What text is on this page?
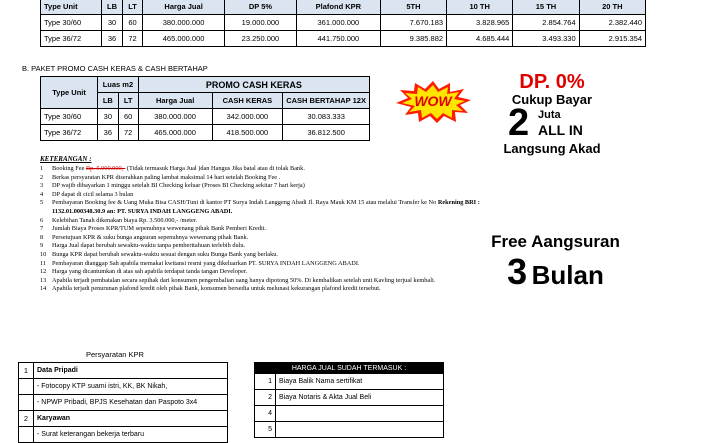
Type Unit	LB	LT	Harga Jual	DP 5%	Plafond KPR	5TH	10 TH	15 TH	20 TH
Type 30/60	30	60	380.000.000	19.000.000	361.000.000	7.670.183	3.828.965	2.854.764	2.382.440
Type 36/72	36	72	465.000.000	23.250.000	441.750.000	9.385.882	4.685.444	3.493.330	2.915.354
B. PAKET PROMO CASH KERAS & CASH BERTAHAP
Type Unit	Luas m2		PROMO CASH KERAS		
	LB	LT	Harga Jual	CASH KERAS	CASH BERTAHAP 12X
Type 30/60	30	60	380.000.000	342.000.000	30.083.333
Type 36/72	36	72	465.000.000	418.500.000	36.812.500
WOW
DP. 0%
Cukup Bayar
2 Juta
ALL IN
Langsung Akad
KETERANGAN :
1	Booking Fee Rp. 5.000.000,- (Tidak termasuk Harga Jual )dan Hangus Jika batal atau di tolak Bank.
2	Berkas persyaratan KPR diserahkan paling lambat maksimal 14 hari setelah Booking Fee .
3	DP wajib dibayarkan 1 minggu setelah BI Checking keluar (Proses BI Checking sekitar 7 hari kerja)
4	DP dapat di cicil selama 3 bulan
5	Pembayaran Booking fee & Uang Muka Bisa CASH/Tuni di kantor PT Surya Indah Langgeng Abadi Jl. Raya Mauk KM 15 atau melalui Transfer ke No Rekening BRI :
1132.01.000348.30.9 an: PT. SURYA INDAH LANGGENG ABADI.
6	Kelebihan Tanah dikenakan biaya Rp. 3.500.000,- /meter.
7	Jumlah Biaya Proses KPR/TUM sepenuhnya wewenang pihak Bank Pemberi Kredit.
8	Persetujuan KPR & suku bunga angsuran sepenuhnya wewenang pihak Bank.
9	Harga Jual dapat berubah sewaktu-waktu tanpa pemberitahuan terlebih dulu.
10 Bunga KPR dapat berubah sewaktu-waktu sesuai dengan suku Bunga Bank yang berlaku.
11 Pembayaran dianggap Sah apabila memakai kwitansi resmi yang dikeluarkan PT. SURYA INDAH LANGGENG ABADI.
12 Harga yang dicantumkan di atas sah apabila terdapat tanda tangan Developer.
13 Apabila terjadi pembatalan secara sepihak dari konsumen pengembalian uang hanya dipotong 50%. Di kembalikan setelah unit Kavling terjual kembali.
14 Apabila terjadi penurunan plafond kredit oleh pihak Bank, konsumen bersedia untuk melunasi kekurangan plafond kredit tersebut.
Free Aangsuran
3 Bulan
Persyaratan KPR
1	Data Pripadi
	- Fotocopy KTP suami istri, KK, BK Nikah,
	- NPWP Pribadi, BPJS Kesehatan dan Paspoto 3x4
2	Karyawan
	- Surat keterangan bekerja terbaru
HARGA JUAL SUDAH TERMASUK :	
1	Biaya Balik Nama sertifikat
2	Biaya Notaris & Akta Jual Beli
4	
5	
